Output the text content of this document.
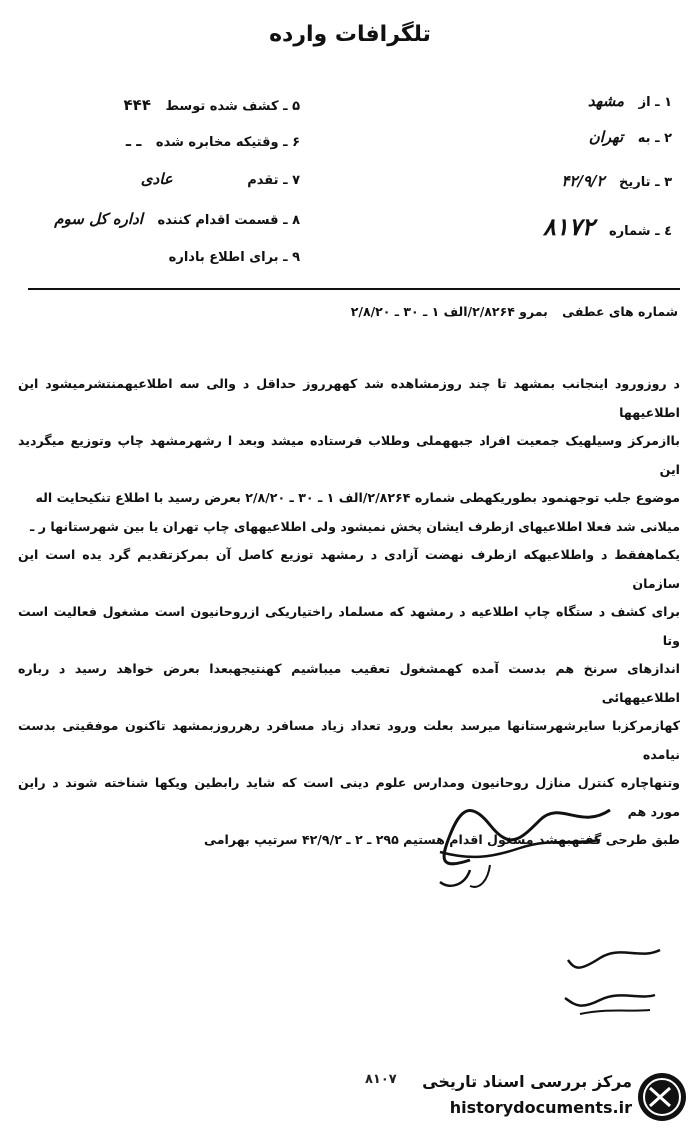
تلگرافات وارده
۱ ـ از مشهد
۲ ـ به تهران
۳ ـ تاریخ ۴۲/۹/۲
٤ ـ شماره ۸۱۷۲
۵ ـ کشف شده توسط ۴۴۴
۶ ـ وقتیکه مخابره شده ـ ـ
۷ ـ تقدم عادی
۸ ـ قسمت اقدام کننده اداره کل سوم
۹ ـ برای اطلاع باداره
شماره های عطفی بمرو ۲/۸۲۶۴/الف ۱ ـ ۳۰ ـ ۲/۸/۲۰

د روزورود اینجانب بمشهد تا چند روزمشاهده شد کههرروز حداقل د والی سه اطلاعیهمنتشرمیشود این اطلاعیهها

باازمرکز وسیلهیک جمعیت افراد جبههملی وطلاب فرستاده میشد وبعد ا رشهرمشهد چاپ وتوزیع میگردید این

موضوع جلب توجهنمود بطوریکهطی شماره ۲/۸۲۶۴/الف ۱ ـ ۳۰ ـ ۲/۸/۲۰ بعرض رسید با اطلاع تنکیحایت اله

میلانی شد فعلا اطلاعیهای ازطرف ایشان پخش نمیشود ولی اطلاعیههای چاپ تهران یا بین شهرستانها ر ـ

یکماهفقط د واطلاعیهکه ازطرف نهضت آزادی د رمشهد توزیع کاصل آن بمرکزتقدیم گرد یده است این سازمان

برای کشف د ستگاه چاپ اطلاعیه د رمشهد که مسلماد راختیاریکی ازروحانیون است مشغول فعالیت است وتا

اندازهای سرنخ هم بدست آمده کهمشغول تعقیب میباشیم کهنتیجهبعدا بعرض خواهد رسید د رباره اطلاعیههائی

کهازمرکزبا سایرشهرستانها میرسد بعلت ورود تعداد زیاد مسافرد رهرروزبمشهد تاکنون موفقیتی بدست نیامده

وتنهاچاره کنترل منازل روحانیون ومدارس علوم دینی است که شاید رابطین ویکها شناخته شوند د راین مورد هم

طبق طرحی گفتهبهشد مشغول اقدام هستیم ۲۹۵ ـ ۲ ـ ۴۲/۹/۲ سرتیپ بهرامی

۸۱۰۷ مرکز بررسی اسناد تاریخی
historydocuments.ir
